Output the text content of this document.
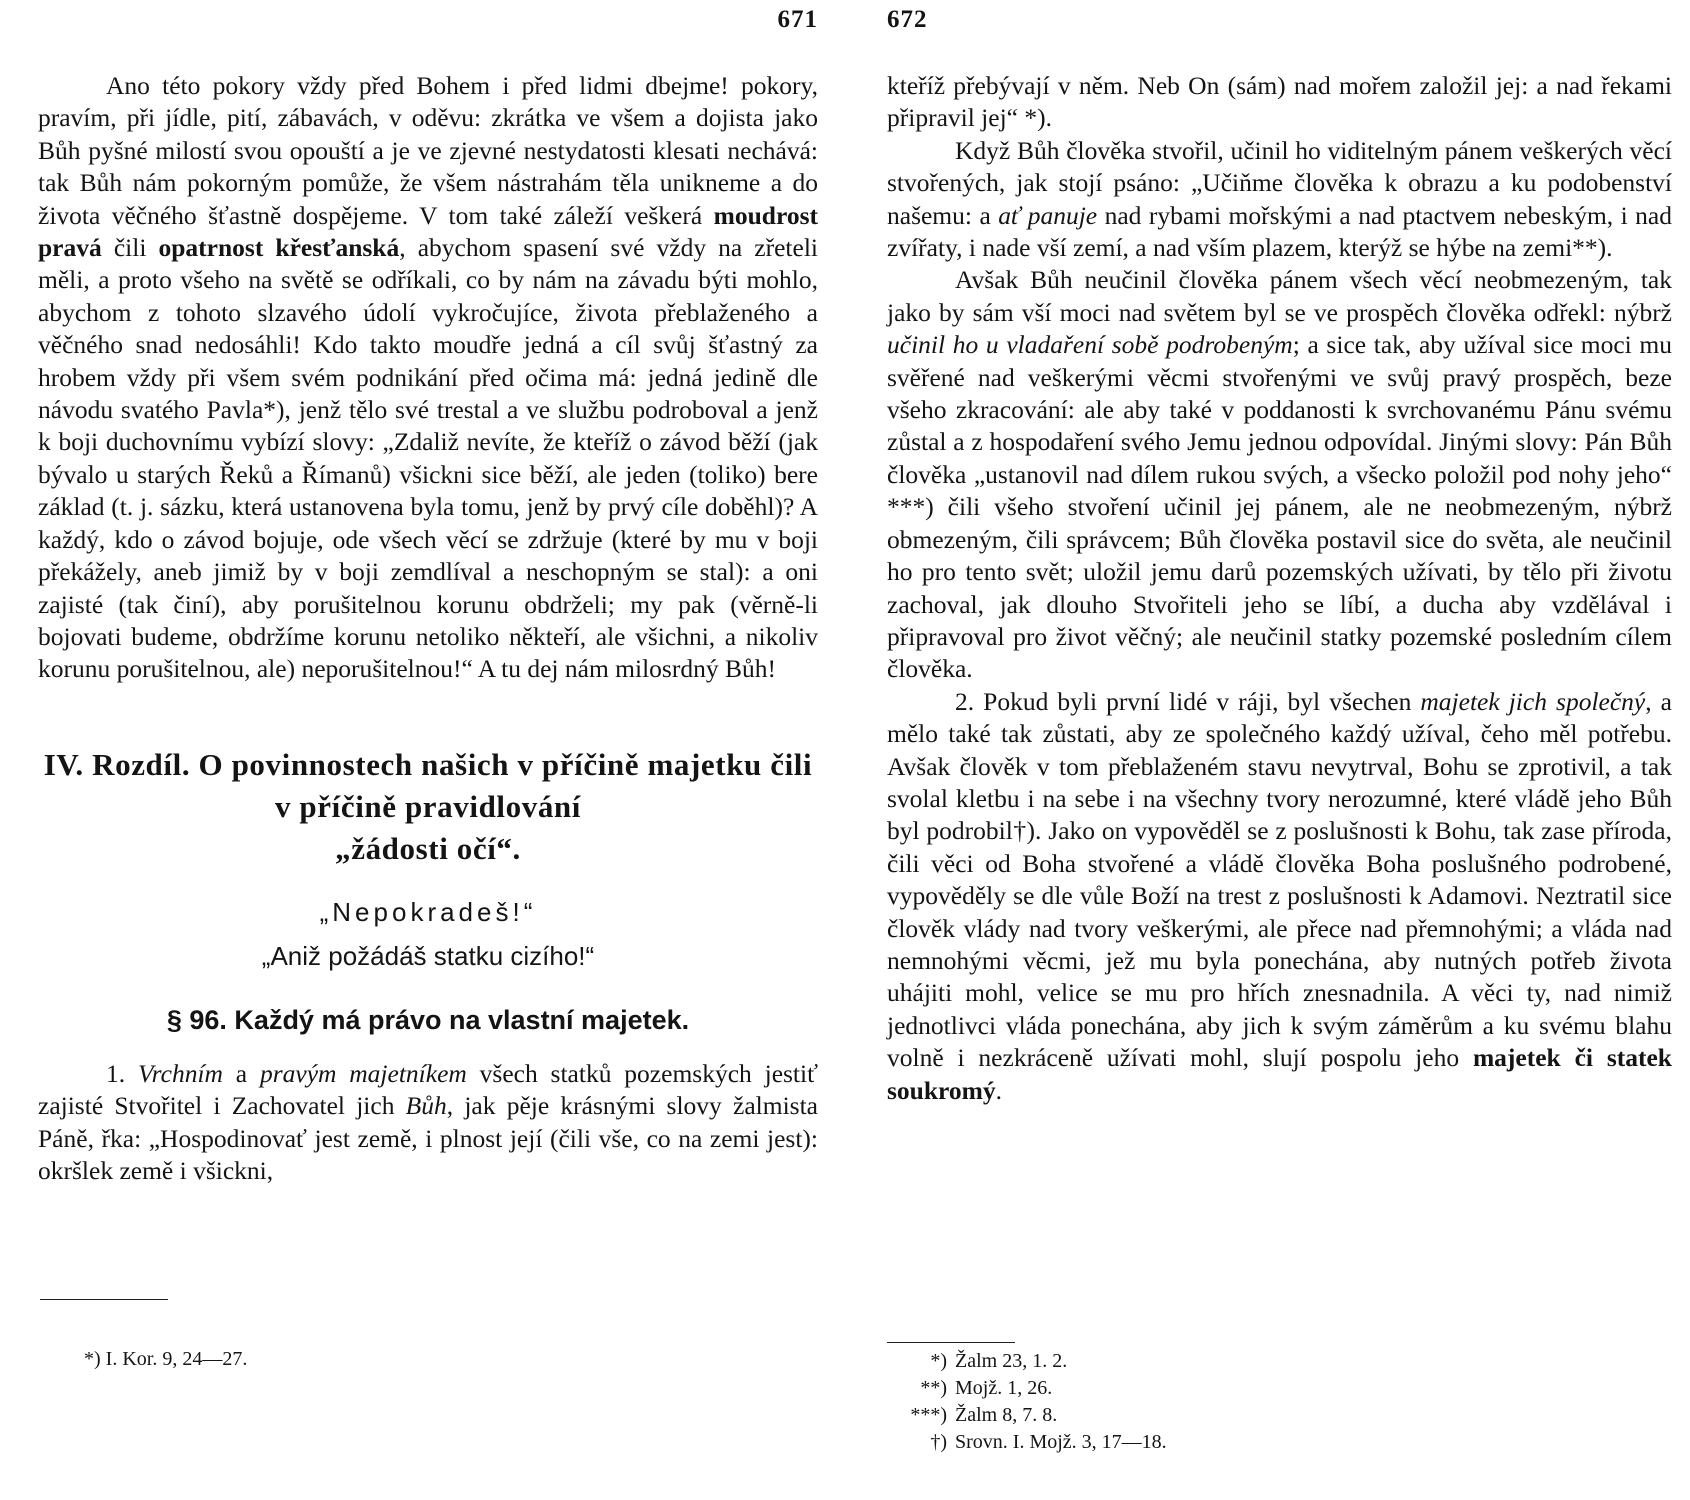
671

Ano této pokory vždy před Bohem i před lidmi dbejme! pokory, pravím, při jídle, pití, zábavách, v oděvu: zkrátka ve všem a dojista jako Bůh pyšné milostí svou opouští a je ve zjevné nestydatosti klesati nechává: tak Bůh nám pokorným pomůže, že všem nástrahám těla unikneme a do života věčného šťastně dospějeme. V tom také záleží veškerá moudrost pravá čili opatrnost křesťanská, abychom spasení své vždy na zřeteli měli, a proto všeho na světě se odříkali, co by nám na závadu býti mohlo, abychom z tohoto slzavého údolí vykročujíce, života přeblaženého a věčného snad nedosáhli! Kdo takto moudře jedná a cíl svůj šťastný za hrobem vždy při všem svém podnikání před očima má: jedná jedině dle návodu svatého Pavla*), jenž tělo své trestal a ve službu podroboval a jenž k boji duchovnímu vybízí slovy: „Zdaliž nevíte, že kteříž o závod běží (jak bývalo u starých Řeků a Římanů) všickni sice běží, ale jeden (toliko) bere základ (t. j. sázku, která ustanovena byla tomu, jenž by prvý cíle doběhl)? A každý, kdo o závod bojuje, ode všech věcí se zdržuje (které by mu v boji překážely, aneb jimiž by v boji zemdlíval a neschopným se stal): a oni zajisté (tak činí), aby porušitelnou korunu obdrželi; my pak (věrně-li bojovati budeme, obdržíme korunu netoliko někteří, ale všichni, a nikoliv korunu porušitelnou, ale) neporušitelnou!“ A tu dej nám milosrdný Bůh!

IV. Rozdíl. O povinnostech našich v příčině majetku čili v příčině pravidlování
„žádosti očí“.
„Nepokradeš!“
„Aniž požádáš statku cizího!“
§ 96. Každý má právo na vlastní majetek.

1. Vrchním a pravým majetníkem všech statků pozemských jestiť zajisté Stvořitel i Zachovatel jich Bůh, jak pěje krásnými slovy žalmista Páně, řka: „Hospodinovať jest země, i plnost její (čili vše, co na zemi jest): okršlek země i všickni,

*) I. Kor. 9, 24—27.
672

kteříž přebývají v něm. Neb On (sám) nad mořem založil jej: a nad řekami připravil jej“ *).

Když Bůh člověka stvořil, učinil ho viditelným pánem veškerých věcí stvořených, jak stojí psáno: „Učiňme člověka k obrazu a ku podobenství našemu: a ať panuje nad rybami mořskými a nad ptactvem nebeským, i nad zvířaty, i nade vší zemí, a nad vším plazem, kterýž se hýbe na zemi**).

Avšak Bůh neučinil člověka pánem všech věcí neobmezeným, tak jako by sám vší moci nad světem byl se ve prospěch člověka odřekl: nýbrž učinil ho u vladaření sobě podrobeným; a sice tak, aby užíval sice moci mu svěřené nad veškerými věcmi stvořenými ve svůj pravý prospěch, beze všeho zkracování: ale aby také v poddanosti k svrchovanému Pánu svému zůstal a z hospodaření svého Jemu jednou odpovídal. Jinými slovy: Pán Bůh člověka „ustanovil nad dílem rukou svých, a všecko položil pod nohy jeho“ ***) čili všeho stvoření učinil jej pánem, ale ne neobmezeným, nýbrž obmezeným, čili správcem; Bůh člověka postavil sice do světa, ale neučinil ho pro tento svět; uložil jemu darů pozemských užívati, by tělo při životu zachoval, jak dlouho Stvořiteli jeho se líbí, a ducha aby vzdělával i připravoval pro život věčný; ale neučinil statky pozemské posledním cílem člověka.

2. Pokud byli první lidé v ráji, byl všechen majetek jich společný, a mělo také tak zůstati, aby ze společného každý užíval, čeho měl potřebu. Avšak člověk v tom přeblaženém stavu nevytrval, Bohu se zprotivil, a tak svolal kletbu i na sebe i na všechny tvory nerozumné, které vládě jeho Bůh byl podrobil†). Jako on vypověděl se z poslušnosti k Bohu, tak zase příroda, čili věci od Boha stvořené a vládě člověka Boha poslušného podrobené, vypověděly se dle vůle Boží na trest z poslušnosti k Adamovi. Neztratil sice člověk vlády nad tvory veškerými, ale přece nad přemnohými; a vláda nad nemnohými věcmi, jež mu byla ponechána, aby nutných potřeb života uhájiti mohl, velice se mu pro hřích znesnadnila. A věci ty, nad nimiž jednotlivci vláda ponechána, aby jich k svým záměrům a ku svému blahu volně i nezkráceně užívati mohl, slují pospolu jeho majetek či statek soukromý.

*) Žalm 23, 1. 2.
**) Mojž. 1, 26.
***) Žalm 8, 7. 8.
†) Srovn. I. Mojž. 3, 17—18.
